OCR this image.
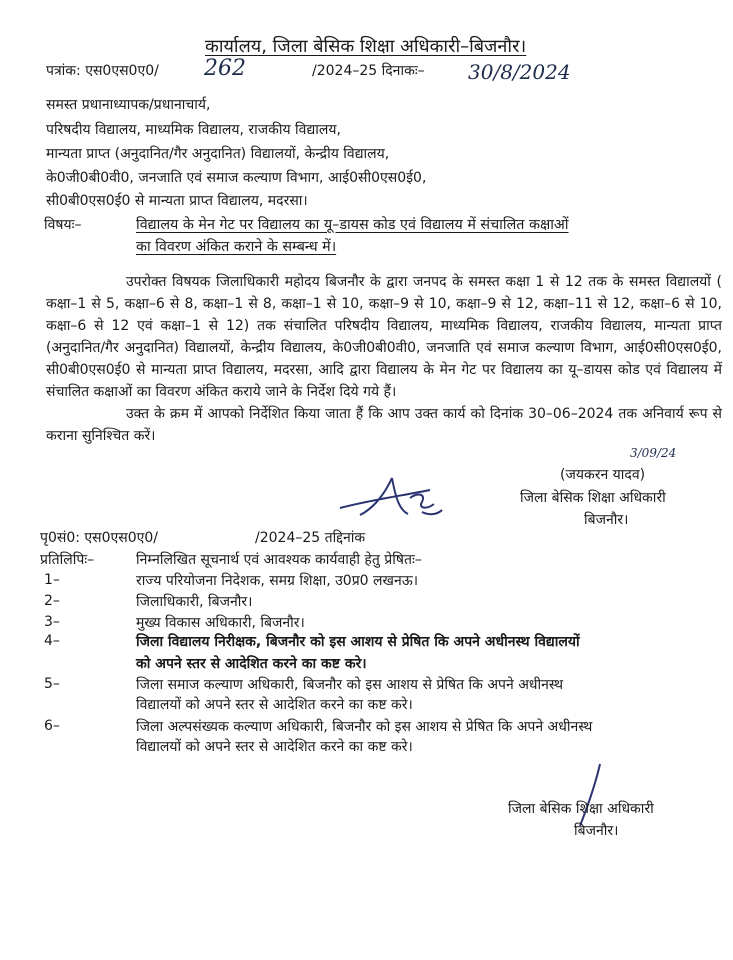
कार्यालय, जिला बेसिक शिक्षा अधिकारी–बिजनौर।
पत्रांक: एस0एस0ए0/ 262	/2024–25 दिनाकः– 30/8/2024
समस्त प्रधानाध्यापक/प्रधानाचार्य,
परिषदीय विद्यालय, माध्यमिक विद्यालय, राजकीय विद्यालय,
मान्यता प्राप्त (अनुदानित/गैर अनुदानित) विद्यालयों, केन्द्रीय विद्यालय,
के0जी0बी0वी0, जनजाति एवं समाज कल्याण विभाग, आई0सी0एस0ई0,
सी0बी0एस0ई0 से मान्यता प्राप्त विद्यालय, मदरसा।
विषयः–	विद्यालय के मेन गेट पर विद्यालय का यू–डायस कोड एवं विद्यालय में संचालित कक्षाओं
का विवरण अंकित कराने के सम्बन्ध में।

उपरोक्त विषयक जिलाधिकारी महोदय बिजनौर के द्वारा जनपद के समस्त कक्षा 1 से 12 तक के समस्त विद्यालयों ( कक्षा–1 से 5, कक्षा–6 से 8, कक्षा–1 से 8, कक्षा–1 से 10, कक्षा–9 से 10, कक्षा–9 से 12, कक्षा–11 से 12, कक्षा–6 से 10, कक्षा–6 से 12 एवं कक्षा–1 से 12) तक संचालित परिषदीय विद्यालय, माध्यमिक विद्यालय, राजकीय विद्यालय, मान्यता प्राप्त (अनुदानित/गैर अनुदानित) विद्यालयों, केन्द्रीय विद्यालय, के0जी0बी0वी0, जनजाति एवं समाज कल्याण विभाग, आई0सी0एस0ई0, सी0बी0एस0ई0 से मान्यता प्राप्त विद्यालय, मदरसा, आदि द्वारा विद्यालय के मेन गेट पर विद्यालय का यू–डायस कोड एवं विद्यालय में संचालित कक्षाओं का विवरण अंकित कराये जाने के निर्देश दिये गये हैं।

उक्त के क्रम में आपको निर्देशित किया जाता हैं कि आप उक्त कार्य को दिनांक 30–06–2024 तक अनिवार्य रूप से कराना सुनिश्चित करें।

3/09/24
(जयकरन यादव)
जिला बेसिक शिक्षा अधिकारी
बिजनौर।
पृ0सं0: एस0एस0ए0/	/2024–25 तद्दिनांक
प्रतिलिपिः–	निम्नलिखित सूचनार्थ एवं आवश्यक कार्यवाही हेतु प्रेषितः–
1–	राज्य परियोजना निदेशक, समग्र शिक्षा, उ0प्र0 लखनऊ।
2–	जिलाधिकारी, बिजनौर।
3–	मुख्य विकास अधिकारी, बिजनौर।
4–	जिला विद्यालय निरीक्षक, बिजनौर को इस आशय से प्रेषित कि अपने अधीनस्थ विद्यालयों
को अपने स्तर से आदेशित करने का कष्ट करे।
5–	जिला समाज कल्याण अधिकारी, बिजनौर को इस आशय से प्रेषित कि अपने अधीनस्थ
विद्यालयों को अपने स्तर से आदेशित करने का कष्ट करे।
6–	जिला अल्पसंख्यक कल्याण अधिकारी, बिजनौर को इस आशय से प्रेषित कि अपने अधीनस्थ
विद्यालयों को अपने स्तर से आदेशित करने का कष्ट करे।
जिला बेसिक शिक्षा अधिकारी
बिजनौर।
